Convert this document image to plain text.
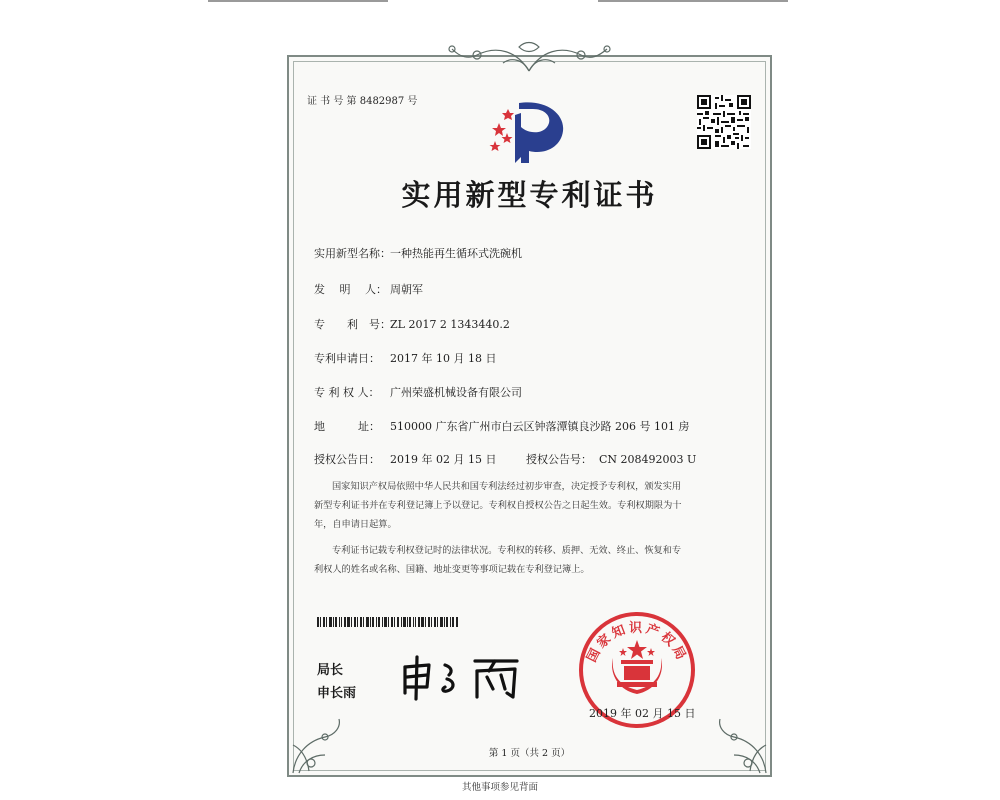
证 书 号 第 8482987 号
实用新型专利证书
实用新型名称： 一种热能再生循环式洗碗机
发　 明　 人： 周朝军
专　　利　号： ZL 2017 2 1343440.2
专利申请日： 2017 年 10 月 18 日
专 利 权 人： 广州荣盛机械设备有限公司
地　　　址： 510000 广东省广州市白云区钟落潭镇良沙路 206 号 101 房
授权公告日： 2019 年 02 月 15 日	授权公告号： CN 208492003 U
国家知识产权局依照中华人民共和国专利法经过初步审查，决定授予专利权，颁发实用
新型专利证书并在专利登记簿上予以登记。专利权自授权公告之日起生效。专利权期限为十
年，自申请日起算。
专利证书记载专利权登记时的法律状况。专利权的转移、质押、无效、终止、恢复和专
利权人的姓名或名称、国籍、地址变更等事项记载在专利登记簿上。
局长
申长雨
国家知识产权局
2019 年 02 月 15 日
第 1 页（共 2 页）
其他事项参见背面
